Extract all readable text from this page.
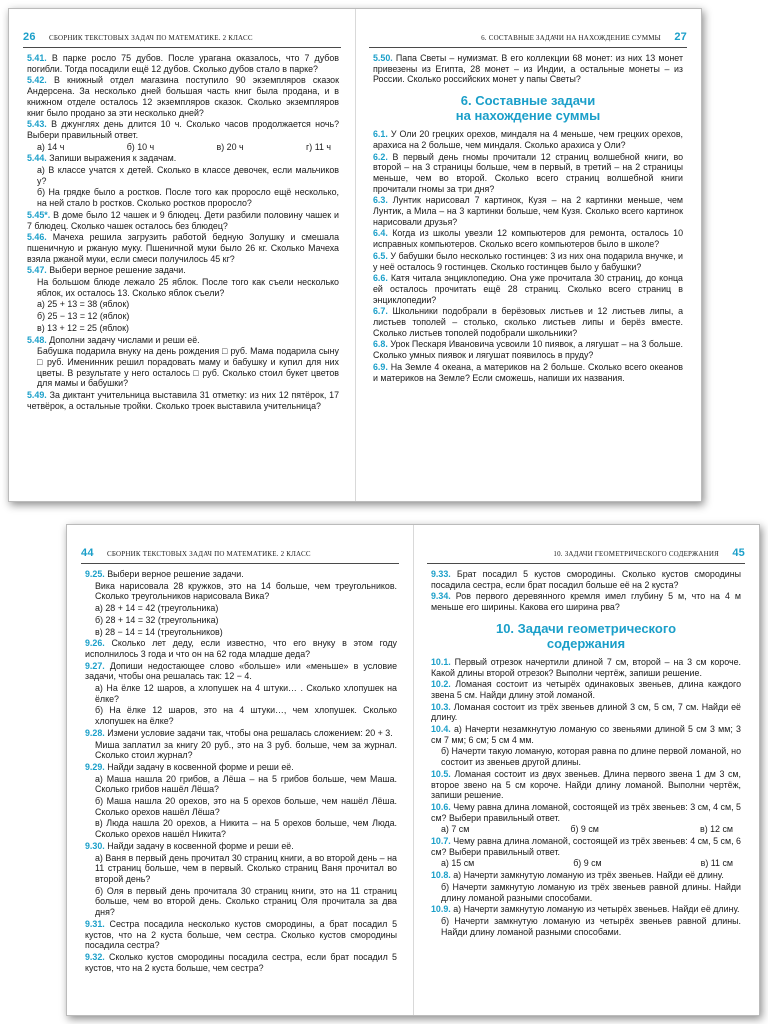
26 СБОРНИК ТЕКСТОВЫХ ЗАДАЧ ПО МАТЕМАТИКЕ. 2 КЛАСС
5.41. В парке росло 75 дубов. После урагана оказалось, что 7 дубов погибли. Тогда посадили ещё 12 дубов. Сколько дубов стало в парке?
5.42. В книжный отдел магазина поступило 90 экземпляров сказок Андерсена. За несколько дней большая часть книг была продана, и в книжном отделе осталось 12 экземпляров сказок. Сколько экземпляров книг было продано за эти несколько дней?
5.43. В джунглях день длится 10 ч. Сколько часов продолжается ночь? Выбери правильный ответ.
а) 14 ч	б) 10 ч	в) 20 ч	г) 11 ч
5.44. Запиши выражения к задачам.
а) В классе учатся x детей. Сколько в классе девочек, если мальчиков y?
б) На грядке было a ростков. После того как проросло ещё несколько, на ней стало b ростков. Сколько ростков проросло?
5.45*. В доме было 12 чашек и 9 блюдец. Дети разбили половину чашек и 7 блюдец. Сколько чашек осталось без блюдец?
5.46. Мачеха решила загрузить работой бедную Золушку и смешала пшеничную и ржаную муку. Пшеничной муки было 26 кг. Сколько Мачеха взяла ржаной муки, если смеси получилось 45 кг?
5.47. Выбери верное решение задачи.
На большом блюде лежало 25 яблок. После того как съели несколько яблок, их осталось 13. Сколько яблок съели?
а) 25 + 13 = 38 (яблок)
б) 25 − 13 = 12 (яблок)
в) 13 + 12 = 25 (яблок)
5.48. Дополни задачу числами и реши её.
Бабушка подарила внуку на день рождения □ руб. Мама подарила сыну □ руб. Именинник решил порадовать маму и бабушку и купил для них цветы. В результате у него осталось □ руб. Сколько стоил букет цветов для мамы и бабушки?
5.49. За диктант учительница выставила 31 отметку: из них 12 пятёрок, 17 четвёрок, а остальные тройки. Сколько троек выставила учительница?
6. СОСТАВНЫЕ ЗАДАЧИ НА НАХОЖДЕНИЕ СУММЫ 27
5.50. Папа Светы – нумизмат. В его коллекции 68 монет: из них 13 монет привезены из Египта, 28 монет – из Индии, а остальные монеты – из России. Сколько российских монет у папы Светы?
6. Составные задачи
на нахождение суммы
6.1. У Оли 20 грецких орехов, миндаля на 4 меньше, чем грецких орехов, арахиса на 2 больше, чем миндаля. Сколько арахиса у Оли?
6.2. В первый день гномы прочитали 12 страниц волшебной книги, во второй – на 3 страницы больше, чем в первый, в третий – на 2 страницы меньше, чем во второй. Сколько всего страниц волшебной книги прочитали гномы за три дня?
6.3. Лунтик нарисовал 7 картинок, Кузя – на 2 картинки меньше, чем Лунтик, а Мила – на 3 картинки больше, чем Кузя. Сколько всего картинок нарисовали друзья?
6.4. Когда из школы увезли 12 компьютеров для ремонта, осталось 10 исправных компьютеров. Сколько всего компьютеров было в школе?
6.5. У бабушки было несколько гостинцев: 3 из них она подарила внучке, и у неё осталось 9 гостинцев. Сколько гостинцев было у бабушки?
6.6. Катя читала энциклопедию. Она уже прочитала 30 страниц, до конца ей осталось прочитать ещё 28 страниц. Сколько всего страниц в энциклопедии?
6.7. Школьники подобрали в берёзовых листьев и 12 листьев липы, а листьев тополей – столько, сколько листьев липы и берёз вместе. Сколько листьев тополей подобрали школьники?
6.8. Урок Пескаря Ивановича усвоили 10 пиявок, а лягушат – на 3 больше. Сколько умных пиявок и лягушат появилось в пруду?
6.9. На Земле 4 океана, а материков на 2 больше. Сколько всего океанов и материков на Земле? Если сможешь, напиши их названия.
44 СБОРНИК ТЕКСТОВЫХ ЗАДАЧ ПО МАТЕМАТИКЕ. 2 КЛАСС
9.25. Выбери верное решение задачи.
Вика нарисовала 28 кружков, это на 14 больше, чем треугольников. Сколько треугольников нарисовала Вика?
а) 28 + 14 = 42 (треугольника)
б) 28 + 14 = 32 (треугольника)
в) 28 − 14 = 14 (треугольников)
9.26. Сколько лет деду, если известно, что его внуку в этом году исполнилось 3 года и что он на 62 года младше деда?
9.27. Допиши недостающее слово «больше» или «меньше» в условие задачи, чтобы она решалась так: 12 − 4.
а) На ёлке 12 шаров, а хлопушек на 4 штуки… . Сколько хлопушек на ёлке?
б) На ёлке 12 шаров, это на 4 штуки…, чем хлопушек. Сколько хлопушек на ёлке?
9.28. Измени условие задачи так, чтобы она решалась сложением: 20 + 3.
Миша заплатил за книгу 20 руб., это на 3 руб. больше, чем за журнал. Сколько стоил журнал?
9.29. Найди задачу в косвенной форме и реши её.
а) Маша нашла 20 грибов, а Лёша – на 5 грибов больше, чем Маша. Сколько грибов нашёл Лёша?
б) Маша нашла 20 орехов, это на 5 орехов больше, чем нашёл Лёша. Сколько орехов нашёл Лёша?
в) Люда нашла 20 орехов, а Никита – на 5 орехов больше, чем Люда. Сколько орехов нашёл Никита?
9.30. Найди задачу в косвенной форме и реши её.
а) Ваня в первый день прочитал 30 страниц книги, а во второй день – на 11 страниц больше, чем в первый. Сколько страниц Ваня прочитал во второй день?
б) Оля в первый день прочитала 30 страниц книги, это на 11 страниц больше, чем во второй день. Сколько страниц Оля прочитала за два дня?
9.31. Сестра посадила несколько кустов смородины, а брат посадил 5 кустов, что на 2 куста больше, чем сестра. Сколько кустов смородины посадила сестра?
9.32. Сколько кустов смородины посадила сестра, если брат посадил 5 кустов, что на 2 куста больше, чем сестра?
10. ЗАДАЧИ ГЕОМЕТРИЧЕСКОГО СОДЕРЖАНИЯ 45
9.33. Брат посадил 5 кустов смородины. Сколько кустов смородины посадила сестра, если брат посадил больше её на 2 куста?
9.34. Ров первого деревянного кремля имел глубину 5 м, что на 4 м меньше его ширины. Какова его ширина рва?
10. Задачи геометрического
содержания
10.1. Первый отрезок начертили длиной 7 см, второй – на 3 см короче. Какой длины второй отрезок? Выполни чертёж, запиши решение.
10.2. Ломаная состоит из четырёх одинаковых звеньев, длина каждого звена 5 см. Найди длину этой ломаной.
10.3. Ломаная состоит из трёх звеньев длиной 3 см, 5 см, 7 см. Найди её длину.
10.4. а) Начерти незамкнутую ломаную со звеньями длиной 5 см 3 мм; 3 см 7 мм; 6 см; 5 см 4 мм.
б) Начерти такую ломаную, которая равна по длине первой ломаной, но состоит из звеньев другой длины.
10.5. Ломаная состоит из двух звеньев. Длина первого звена 1 дм 3 см, второе звено на 5 см короче. Найди длину ломаной. Выполни чертёж, запиши решение.
10.6. Чему равна длина ломаной, состоящей из трёх звеньев: 3 см, 4 см, 5 см? Выбери правильный ответ.
а) 7 см	б) 9 см	в) 12 см
10.7. Чему равна длина ломаной, состоящей из трёх звеньев: 4 см, 5 см, 6 см? Выбери правильный ответ.
а) 15 см	б) 9 см	в) 11 см
10.8. а) Начерти замкнутую ломаную из трёх звеньев. Найди её длину.
б) Начерти замкнутую ломаную из трёх звеньев равной длины. Найди длину ломаной разными способами.
10.9. а) Начерти замкнутую ломаную из четырёх звеньев. Найди её длину.
б) Начерти замкнутую ломаную из четырёх звеньев равной длины. Найди длину ломаной разными способами.
